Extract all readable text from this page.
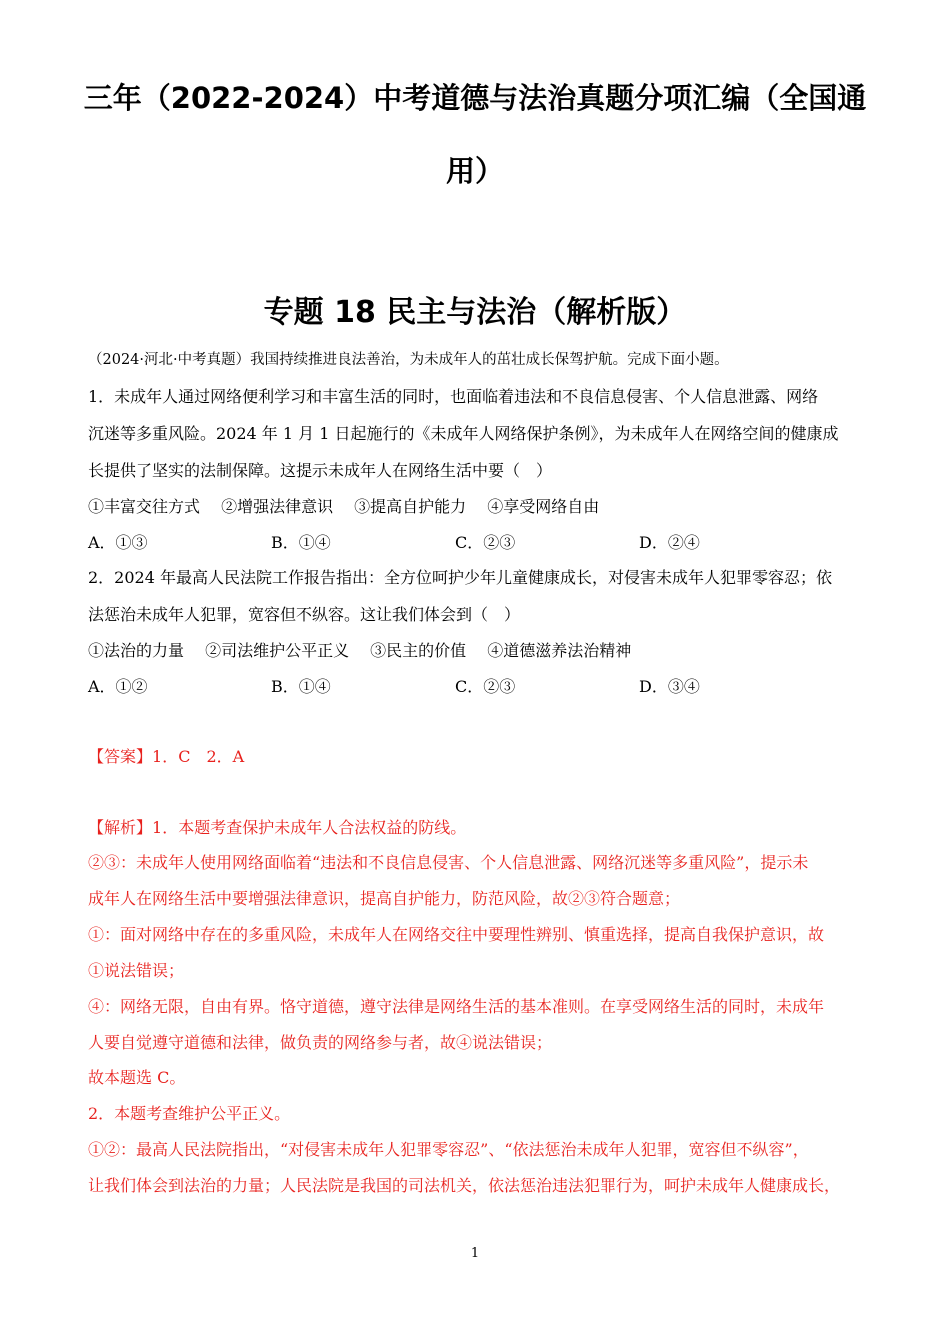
三年（2022-2024）中考道德与法治真题分项汇编（全国通
用）
专题 18 民主与法治（解析版）
（2024·河北·中考真题）我国持续推进良法善治，为未成年人的茁壮成长保驾护航。完成下面小题。
1．未成年人通过网络便利学习和丰富生活的同时，也面临着违法和不良信息侵害、个人信息泄露、网络
沉迷等多重风险。2024 年 1 月 1 日起施行的《未成年人网络保护条例》，为未成年人在网络空间的健康成
长提供了坚实的法制保障。这提示未成年人在网络生活中要（　）
①丰富交往方式　 ②增强法律意识　 ③提高自护能力　 ④享受网络自由
A．①③	B．①④	C．②③	D．②④
2．2024 年最高人民法院工作报告指出：全方位呵护少年儿童健康成长，对侵害未成年人犯罪零容忍；依
法惩治未成年人犯罪，宽容但不纵容。这让我们体会到（　）
①法治的力量　 ②司法维护公平正义　 ③民主的价值　 ④道德滋养法治精神
A．①②	B．①④	C．②③	D．③④
【答案】1．C　2．A
【解析】1．本题考查保护未成年人合法权益的防线。
②③：未成年人使用网络面临着“违法和不良信息侵害、个人信息泄露、网络沉迷等多重风险”，提示未
成年人在网络生活中要增强法律意识，提高自护能力，防范风险，故②③符合题意；
①：面对网络中存在的多重风险，未成年人在网络交往中要理性辨别、慎重选择，提高自我保护意识，故
①说法错误；
④：网络无限，自由有界。恪守道德，遵守法律是网络生活的基本准则。在享受网络生活的同时，未成年
人要自觉遵守道德和法律，做负责的网络参与者，故④说法错误；
故本题选 C。
2．本题考查维护公平正义。
①②：最高人民法院指出，“对侵害未成年人犯罪零容忍”、“依法惩治未成年人犯罪，宽容但不纵容”，
让我们体会到法治的力量；人民法院是我国的司法机关，依法惩治违法犯罪行为，呵护未成年人健康成长，
1
